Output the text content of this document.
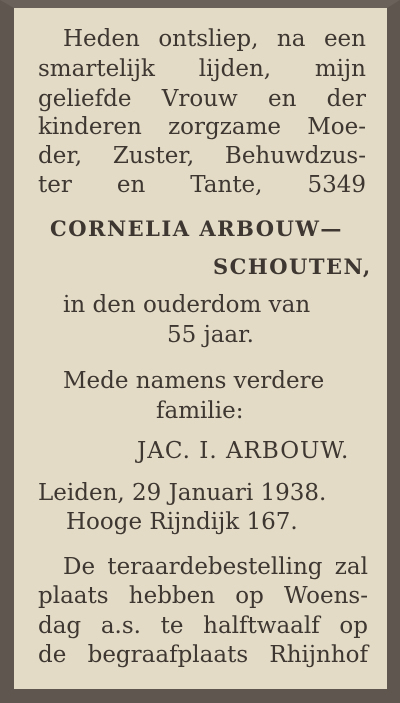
Heden ontsliep, na een
smartelijk lijden, mijn
geliefde Vrouw en der
kinderen zorgzame Moe-
der, Zuster, Behuwdzus-
ter en Tante, 5349
CORNELIA ARBOUW—
SCHOUTEN,
in den ouderdom van
55 jaar.
Mede namens verdere
familie:
JAC. I. ARBOUW.
Leiden, 29 Januari 1938.
Hooge Rijndijk 167.
De teraardebestelling zal
plaats hebben op Woens-
dag a.s. te halftwaalf op
de begraafplaats Rhijnhof
